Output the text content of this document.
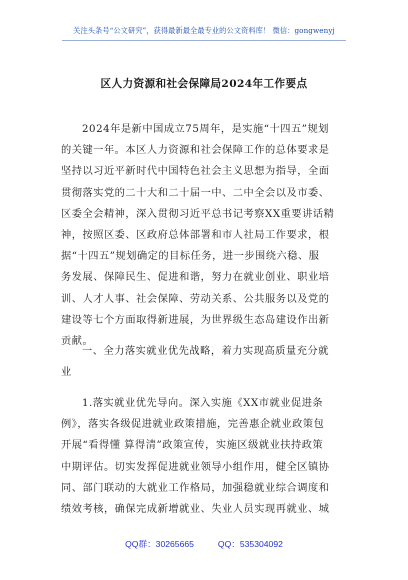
关注头条号“公文研究”，获得最新最全最专业的公文资料库！ 微信：gongwenyj
区人力资源和社会保障局2024年工作要点
2024年是新中国成立75周年，是实施“十四五”规划
的关键一年。本区人力资源和社会保障工作的总体要求是
坚持以习近平新时代中国特色社会主义思想为指导，全面
贯彻落实党的二十大和二十届一中、二中全会以及市委、
区委全会精神，深入贯彻习近平总书记考察XX重要讲话精
神，按照区委、区政府总体部署和市人社局工作要求，根
据“十四五”规划确定的目标任务，进一步围绕六稳、服
务发展、保障民生、促进和谐，努力在就业创业、职业培
训、人才人事、社会保障、劳动关系、公共服务以及党的
建设等七个方面取得新进展，为世界级生态岛建设作出新
贡献。
一、全力落实就业优先战略，着力实现高质量充分就
业
1.落实就业优先导向。深入实施《XX市就业促进条
例》，落实各级促进就业政策措施，完善惠企就业政策包
开展“看得懂 算得清”政策宣传，实施区级就业扶持政策
中期评估。切实发挥促进就业领导小组作用，健全区镇协
同、部门联动的大就业工作格局，加强稳就业综合调度和
绩效考核，确保完成新增就业、失业人员实现再就业、城
QQ群：30265665	QQ：535304092
